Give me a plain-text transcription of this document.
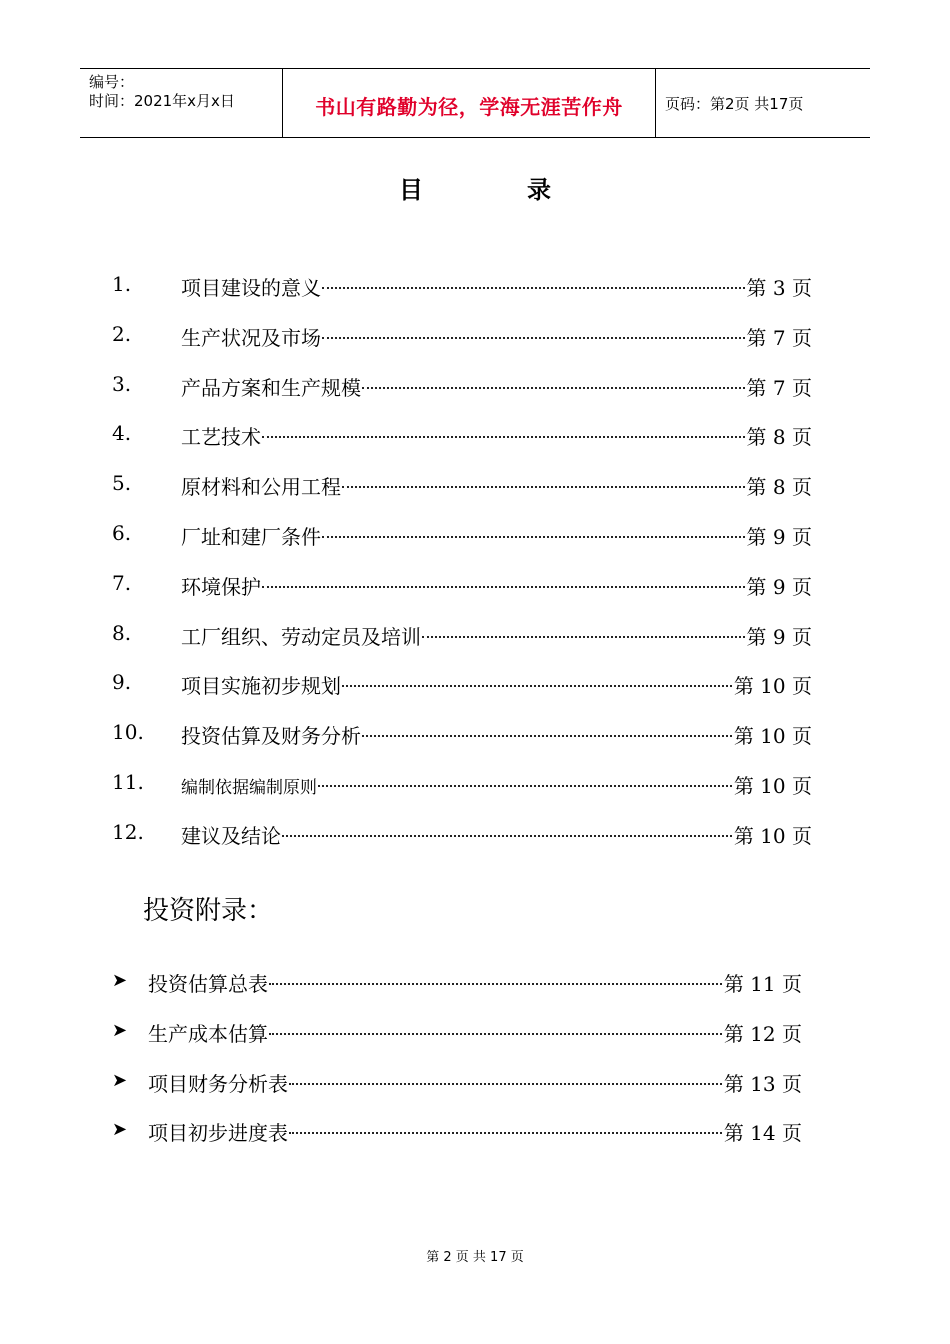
编号：
时间：2021年x月x日	书山有路勤为径，学海无涯苦作舟	页码：第2页 共17页
目	录
1. 项目建设的意义	第 3 页
2. 生产状况及市场	第 7 页
3. 产品方案和生产规模	第 7 页
4. 工艺技术	第 8 页
5. 原材料和公用工程	第 8 页
6. 厂址和建厂条件	第 9 页
7. 环境保护	第 9 页
8. 工厂组织、劳动定员及培训	第 9 页
9. 项目实施初步规划	第 10 页
10. 投资估算及财务分析	第 10 页
11. 编制依据编制原则	第 10 页
12. 建议及结论	第 10 页
投资附录：
➤ 投资估算总表	第 11 页
➤ 生产成本估算	第 12 页
➤ 项目财务分析表	第 13 页
➤ 项目初步进度表	第 14 页
第 2 页 共 17 页
